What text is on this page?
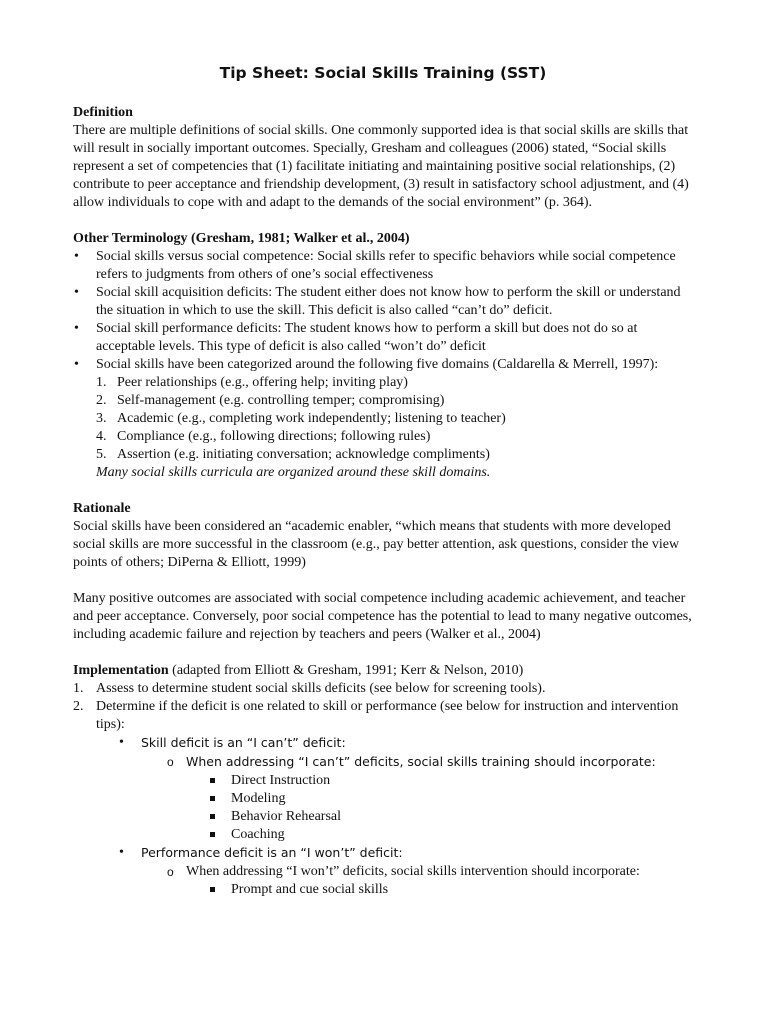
Tip Sheet: Social Skills Training (SST)

Definition

There are multiple definitions of social skills. One commonly supported idea is that social skills are skills that will result in socially important outcomes. Specially, Gresham and colleagues (2006) stated, “Social skills represent a set of competencies that (1) facilitate initiating and maintaining positive social relationships, (2) contribute to peer acceptance and friendship development, (3) result in satisfactory school adjustment, and (4) allow individuals to cope with and adapt to the demands of the social environment” (p. 364).

Other Terminology (Gresham, 1981; Walker et al., 2004)

• Social skills versus social competence: Social skills refer to specific behaviors while social competence refers to judgments from others of one’s social effectiveness
• Social skill acquisition deficits: The student either does not know how to perform the skill or understand the situation in which to use the skill. This deficit is also called “can’t do” deficit.
• Social skill performance deficits: The student knows how to perform a skill but does not do so at acceptable levels. This type of deficit is also called “won’t do” deficit
• Social skills have been categorized around the following five domains (Caldarella & Merrell, 1997):
1. Peer relationships (e.g., offering help; inviting play)
2. Self-management (e.g. controlling temper; compromising)
3. Academic (e.g., completing work independently; listening to teacher)
4. Compliance (e.g., following directions; following rules)
5. Assertion (e.g. initiating conversation; acknowledge compliments)

Many social skills curricula are organized around these skill domains.

Rationale

Social skills have been considered an “academic enabler, “which means that students with more developed social skills are more successful in the classroom (e.g., pay better attention, ask questions, consider the view points of others; DiPerna & Elliott, 1999)

Many positive outcomes are associated with social competence including academic achievement, and teacher and peer acceptance. Conversely, poor social competence has the potential to lead to many negative outcomes, including academic failure and rejection by teachers and peers (Walker et al., 2004)

Implementation (adapted from Elliott & Gresham, 1991; Kerr & Nelson, 2010)

1. Assess to determine student social skills deficits (see below for screening tools).
2. Determine if the deficit is one related to skill or performance (see below for instruction and intervention tips):
• Skill deficit is an “I can’t” deficit:
o When addressing “I can’t” deficits, social skills training should incorporate:
Direct Instruction
Modeling
Behavior Rehearsal
Coaching
• Performance deficit is an “I won’t” deficit:
o When addressing “I won’t” deficits, social skills intervention should incorporate:
Prompt and cue social skills
